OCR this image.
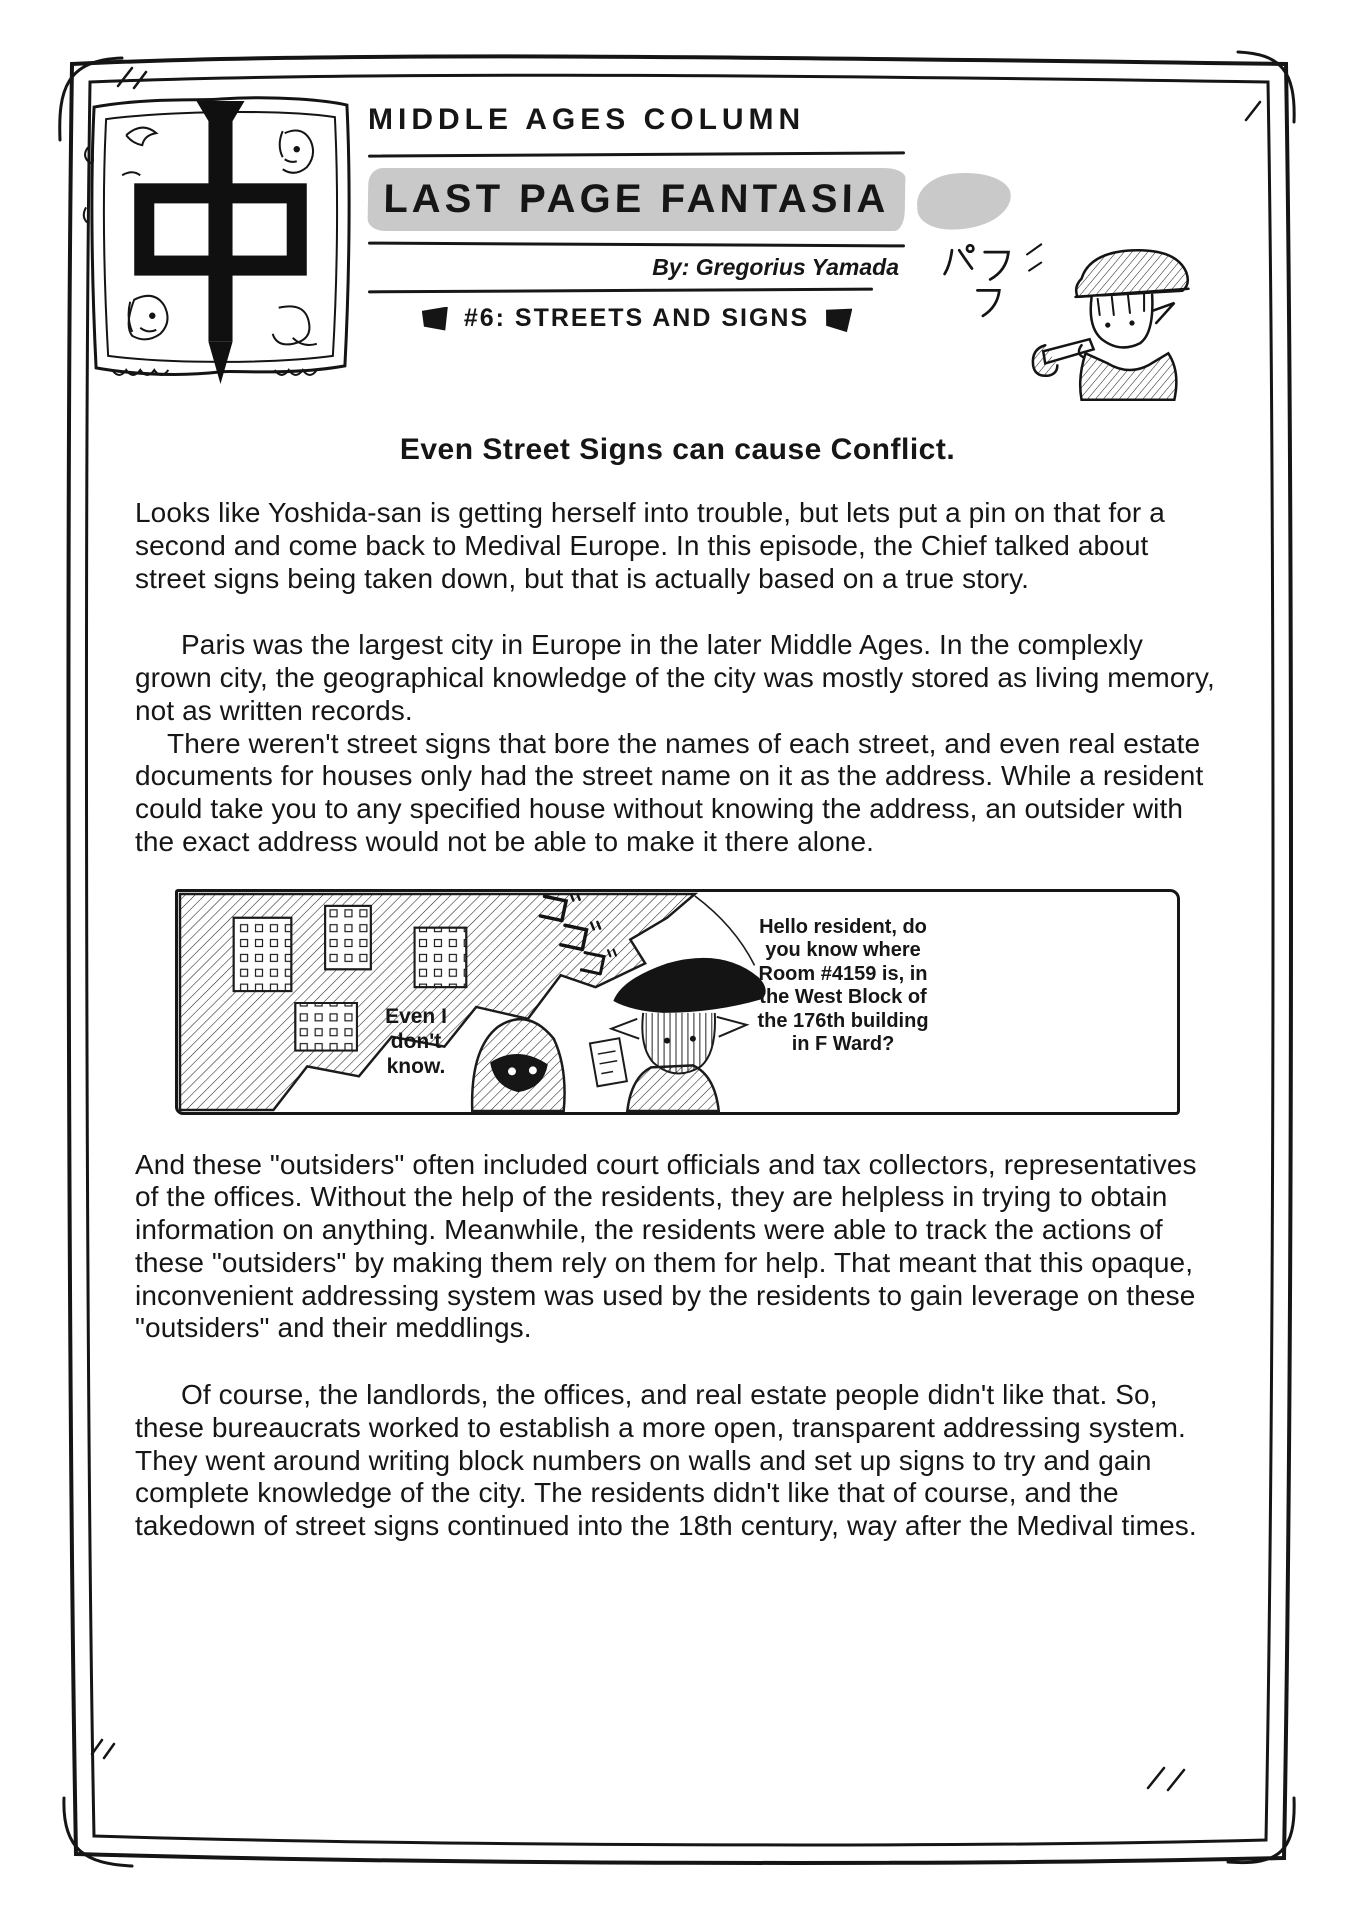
MIDDLE AGES COLUMN
LAST PAGE FANTASIA
By: Gregorius Yamada
#6: STREETS AND SIGNS
Even Street Signs can cause Conflict.

Looks like Yoshida-san is getting herself into trouble, but lets put a pin on that for a second and come back to Medival Europe. In this episode, the Chief talked about street signs being taken down, but that is actually based on a true story.

Paris was the largest city in Europe in the later Middle Ages. In the complexly grown city, the geographical knowledge of the city was mostly stored as living memory, not as written records.

There weren't street signs that bore the names of each street, and even real estate documents for houses only had the street name on it as the address. While a resident could take you to any specified house without knowing the address, an outsider with the exact address would not be able to make it there alone.

Even I don't know.
Hello resident, do you know where Room #4159 is, in the West Block of the 176th building in F Ward?

And these "outsiders" often included court officials and tax collectors, representatives of the offices. Without the help of the residents, they are helpless in trying to obtain information on anything. Meanwhile, the residents were able to track the actions of these "outsiders" by making them rely on them for help. That meant that this opaque, inconvenient addressing system was used by the residents to gain leverage on these "outsiders" and their meddlings.

Of course, the landlords, the offices, and real estate people didn't like that. So, these bureaucrats worked to establish a more open, transparent addressing system. They went around writing block numbers on walls and set up signs to try and gain complete knowledge of the city. The residents didn't like that of course, and the takedown of street signs continued into the 18th century, way after the Medival times.
